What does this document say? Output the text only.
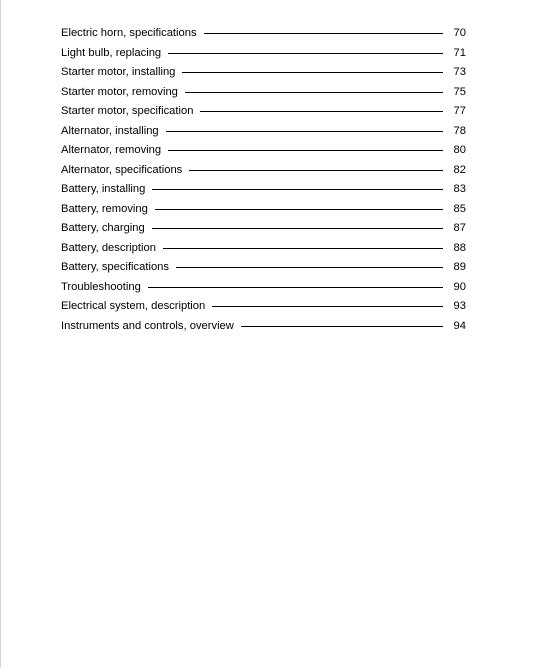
Electric horn, specifications	70
Light bulb, replacing	71
Starter motor, installing	73
Starter motor, removing	75
Starter motor, specification	77
Alternator, installing	78
Alternator, removing	80
Alternator, specifications	82
Battery, installing	83
Battery, removing	85
Battery, charging	87
Battery, description	88
Battery, specifications	89
Troubleshooting	90
Electrical system, description	93
Instruments and controls, overview	94
